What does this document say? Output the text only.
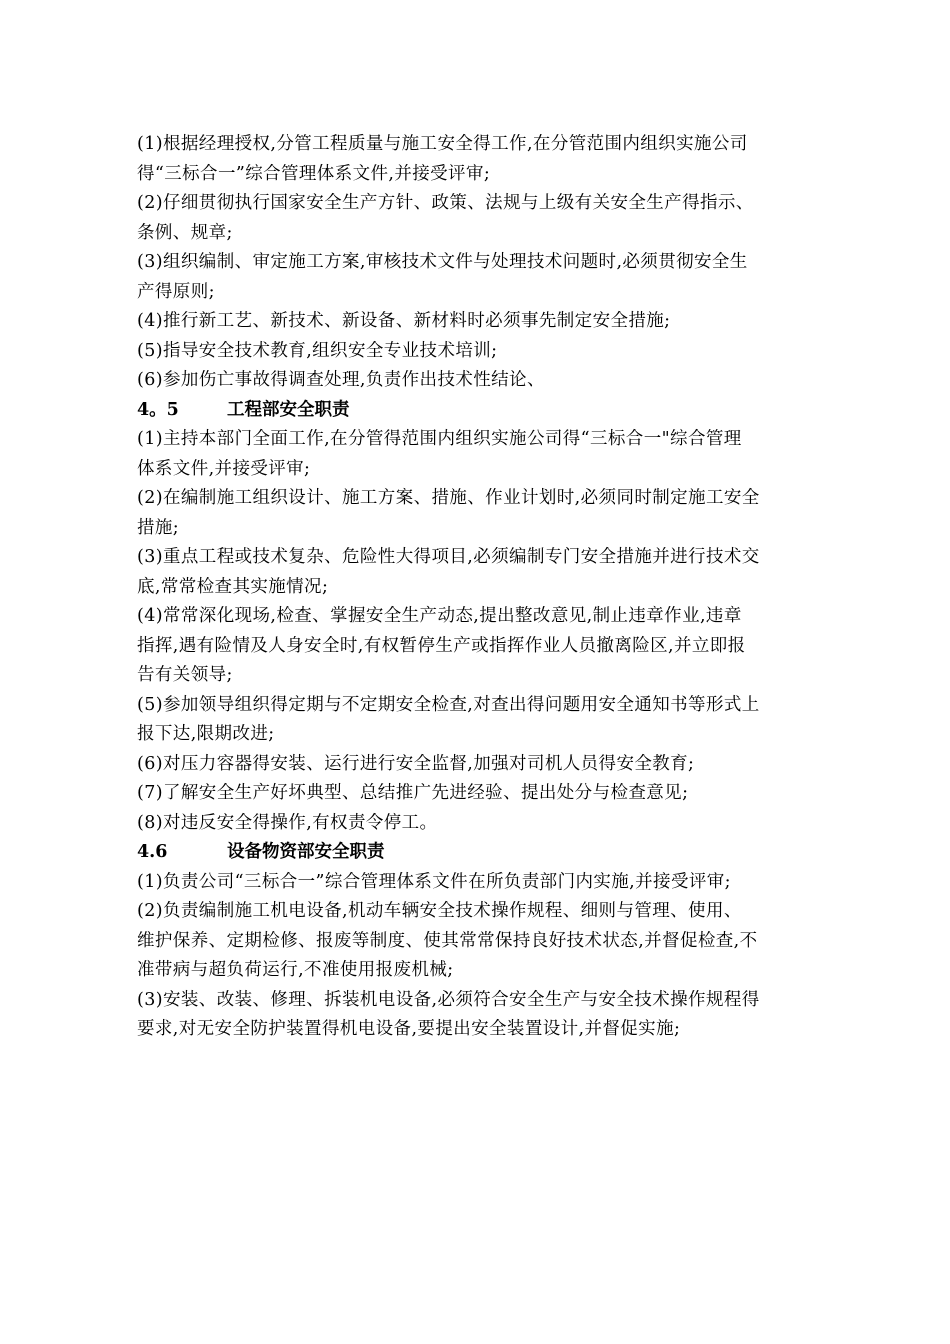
(1)根据经理授权,分管工程质量与施工安全得工作,在分管范围内组织实施公司
得“三标合一”综合管理体系文件,并接受评审;
(2)仔细贯彻执行国家安全生产方针、政策、法规与上级有关安全生产得指示、
条例、规章;
(3)组织编制、审定施工方案,审核技术文件与处理技术问题时,必须贯彻安全生
产得原则;
(4)推行新工艺、新技术、新设备、新材料时必须事先制定安全措施;
(5)指导安全技术教育,组织安全专业技术培训;
(6)参加伤亡事故得调查处理,负责作出技术性结论、
4。5	工程部安全职责
(1)主持本部门全面工作,在分管得范围内组织实施公司得“三标合一"综合管理
体系文件,并接受评审;
(2)在编制施工组织设计、施工方案、措施、作业计划时,必须同时制定施工安全
措施;
(3)重点工程或技术复杂、危险性大得项目,必须编制专门安全措施并进行技术交
底,常常检查其实施情况;
(4)常常深化现场,检查、掌握安全生产动态,提出整改意见,制止违章作业,违章
指挥,遇有险情及人身安全时,有权暂停生产或指挥作业人员撤离险区,并立即报
告有关领导;
(5)参加领导组织得定期与不定期安全检查,对查出得问题用安全通知书等形式上
报下达,限期改进;
(6)对压力容器得安装、运行进行安全监督,加强对司机人员得安全教育;
(7)了解安全生产好坏典型、总结推广先进经验、提出处分与检查意见;
(8)对违反安全得操作,有权责令停工。
4.6	设备物资部安全职责
(1)负责公司“三标合一”综合管理体系文件在所负责部门内实施,并接受评审;
(2)负责编制施工机电设备,机动车辆安全技术操作规程、细则与管理、使用、
维护保养、定期检修、报废等制度、使其常常保持良好技术状态,并督促检查,不
准带病与超负荷运行,不准使用报废机械;
(3)安装、改装、修理、拆装机电设备,必须符合安全生产与安全技术操作规程得
要求,对无安全防护装置得机电设备,要提出安全装置设计,并督促实施;
